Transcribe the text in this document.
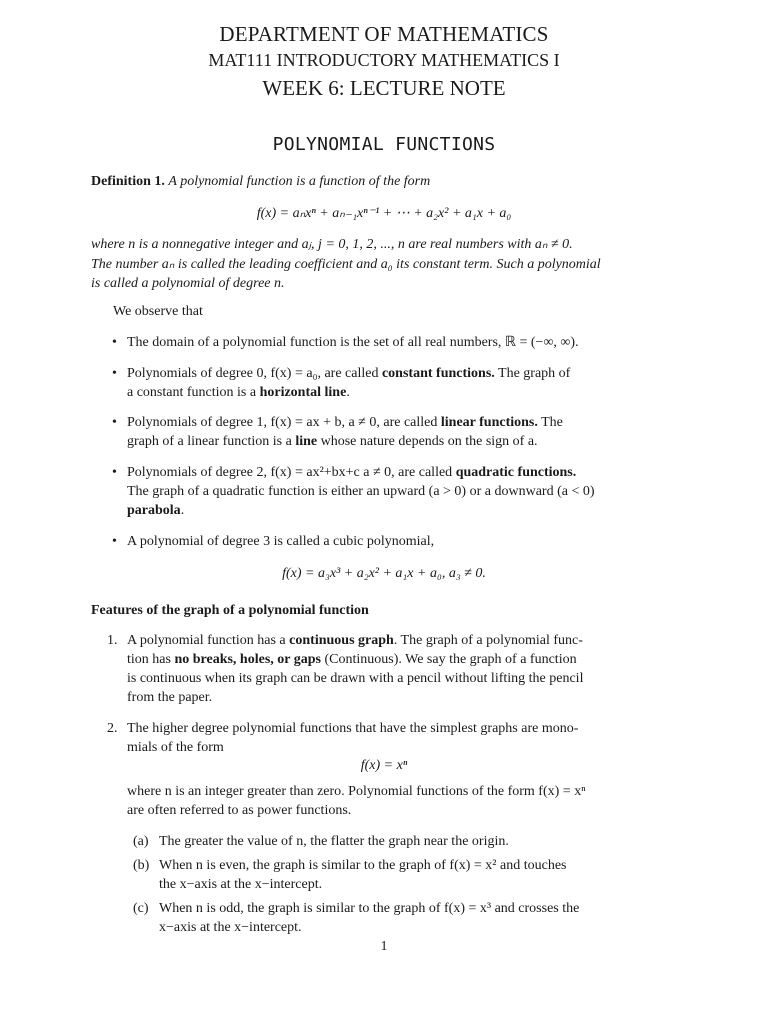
DEPARTMENT OF MATHEMATICS
MAT111 INTRODUCTORY MATHEMATICS I
WEEK 6: LECTURE NOTE
POLYNOMIAL FUNCTIONS
Definition 1. A polynomial function is a function of the form
f(x) = aₙxⁿ + aₙ₋₁xⁿ⁻¹ + ⋯ + a₂x² + a₁x + a₀
where n is a nonnegative integer and aⱼ, j = 0, 1, 2, ..., n are real numbers with aₙ ≠ 0.
The number aₙ is called the leading coefficient and a₀ its constant term. Such a polynomial
is called a polynomial of degree n.
We observe that
• The domain of a polynomial function is the set of all real numbers, ℝ = (−∞, ∞).
• Polynomials of degree 0, f(x) = a₀, are called constant functions. The graph of
a constant function is a horizontal line.
• Polynomials of degree 1, f(x) = ax + b, a ≠ 0, are called linear functions. The
graph of a linear function is a line whose nature depends on the sign of a.
• Polynomials of degree 2, f(x) = ax²+bx+c a ≠ 0, are called quadratic functions.
The graph of a quadratic function is either an upward (a > 0) or a downward (a < 0)
parabola.
• A polynomial of degree 3 is called a cubic polynomial,
f(x) = a₃x³ + a₂x² + a₁x + a₀, a₃ ≠ 0.
Features of the graph of a polynomial function
1. A polynomial function has a continuous graph. The graph of a polynomial func-
tion has no breaks, holes, or gaps (Continuous). We say the graph of a function
is continuous when its graph can be drawn with a pencil without lifting the pencil
from the paper.
2. The higher degree polynomial functions that have the simplest graphs are mono-
mials of the form
f(x) = xⁿ
where n is an integer greater than zero. Polynomial functions of the form f(x) = xⁿ
are often referred to as power functions.
(a) The greater the value of n, the flatter the graph near the origin.
(b) When n is even, the graph is similar to the graph of f(x) = x² and touches
the x−axis at the x−intercept.
(c) When n is odd, the graph is similar to the graph of f(x) = x³ and crosses the
x−axis at the x−intercept.
1
